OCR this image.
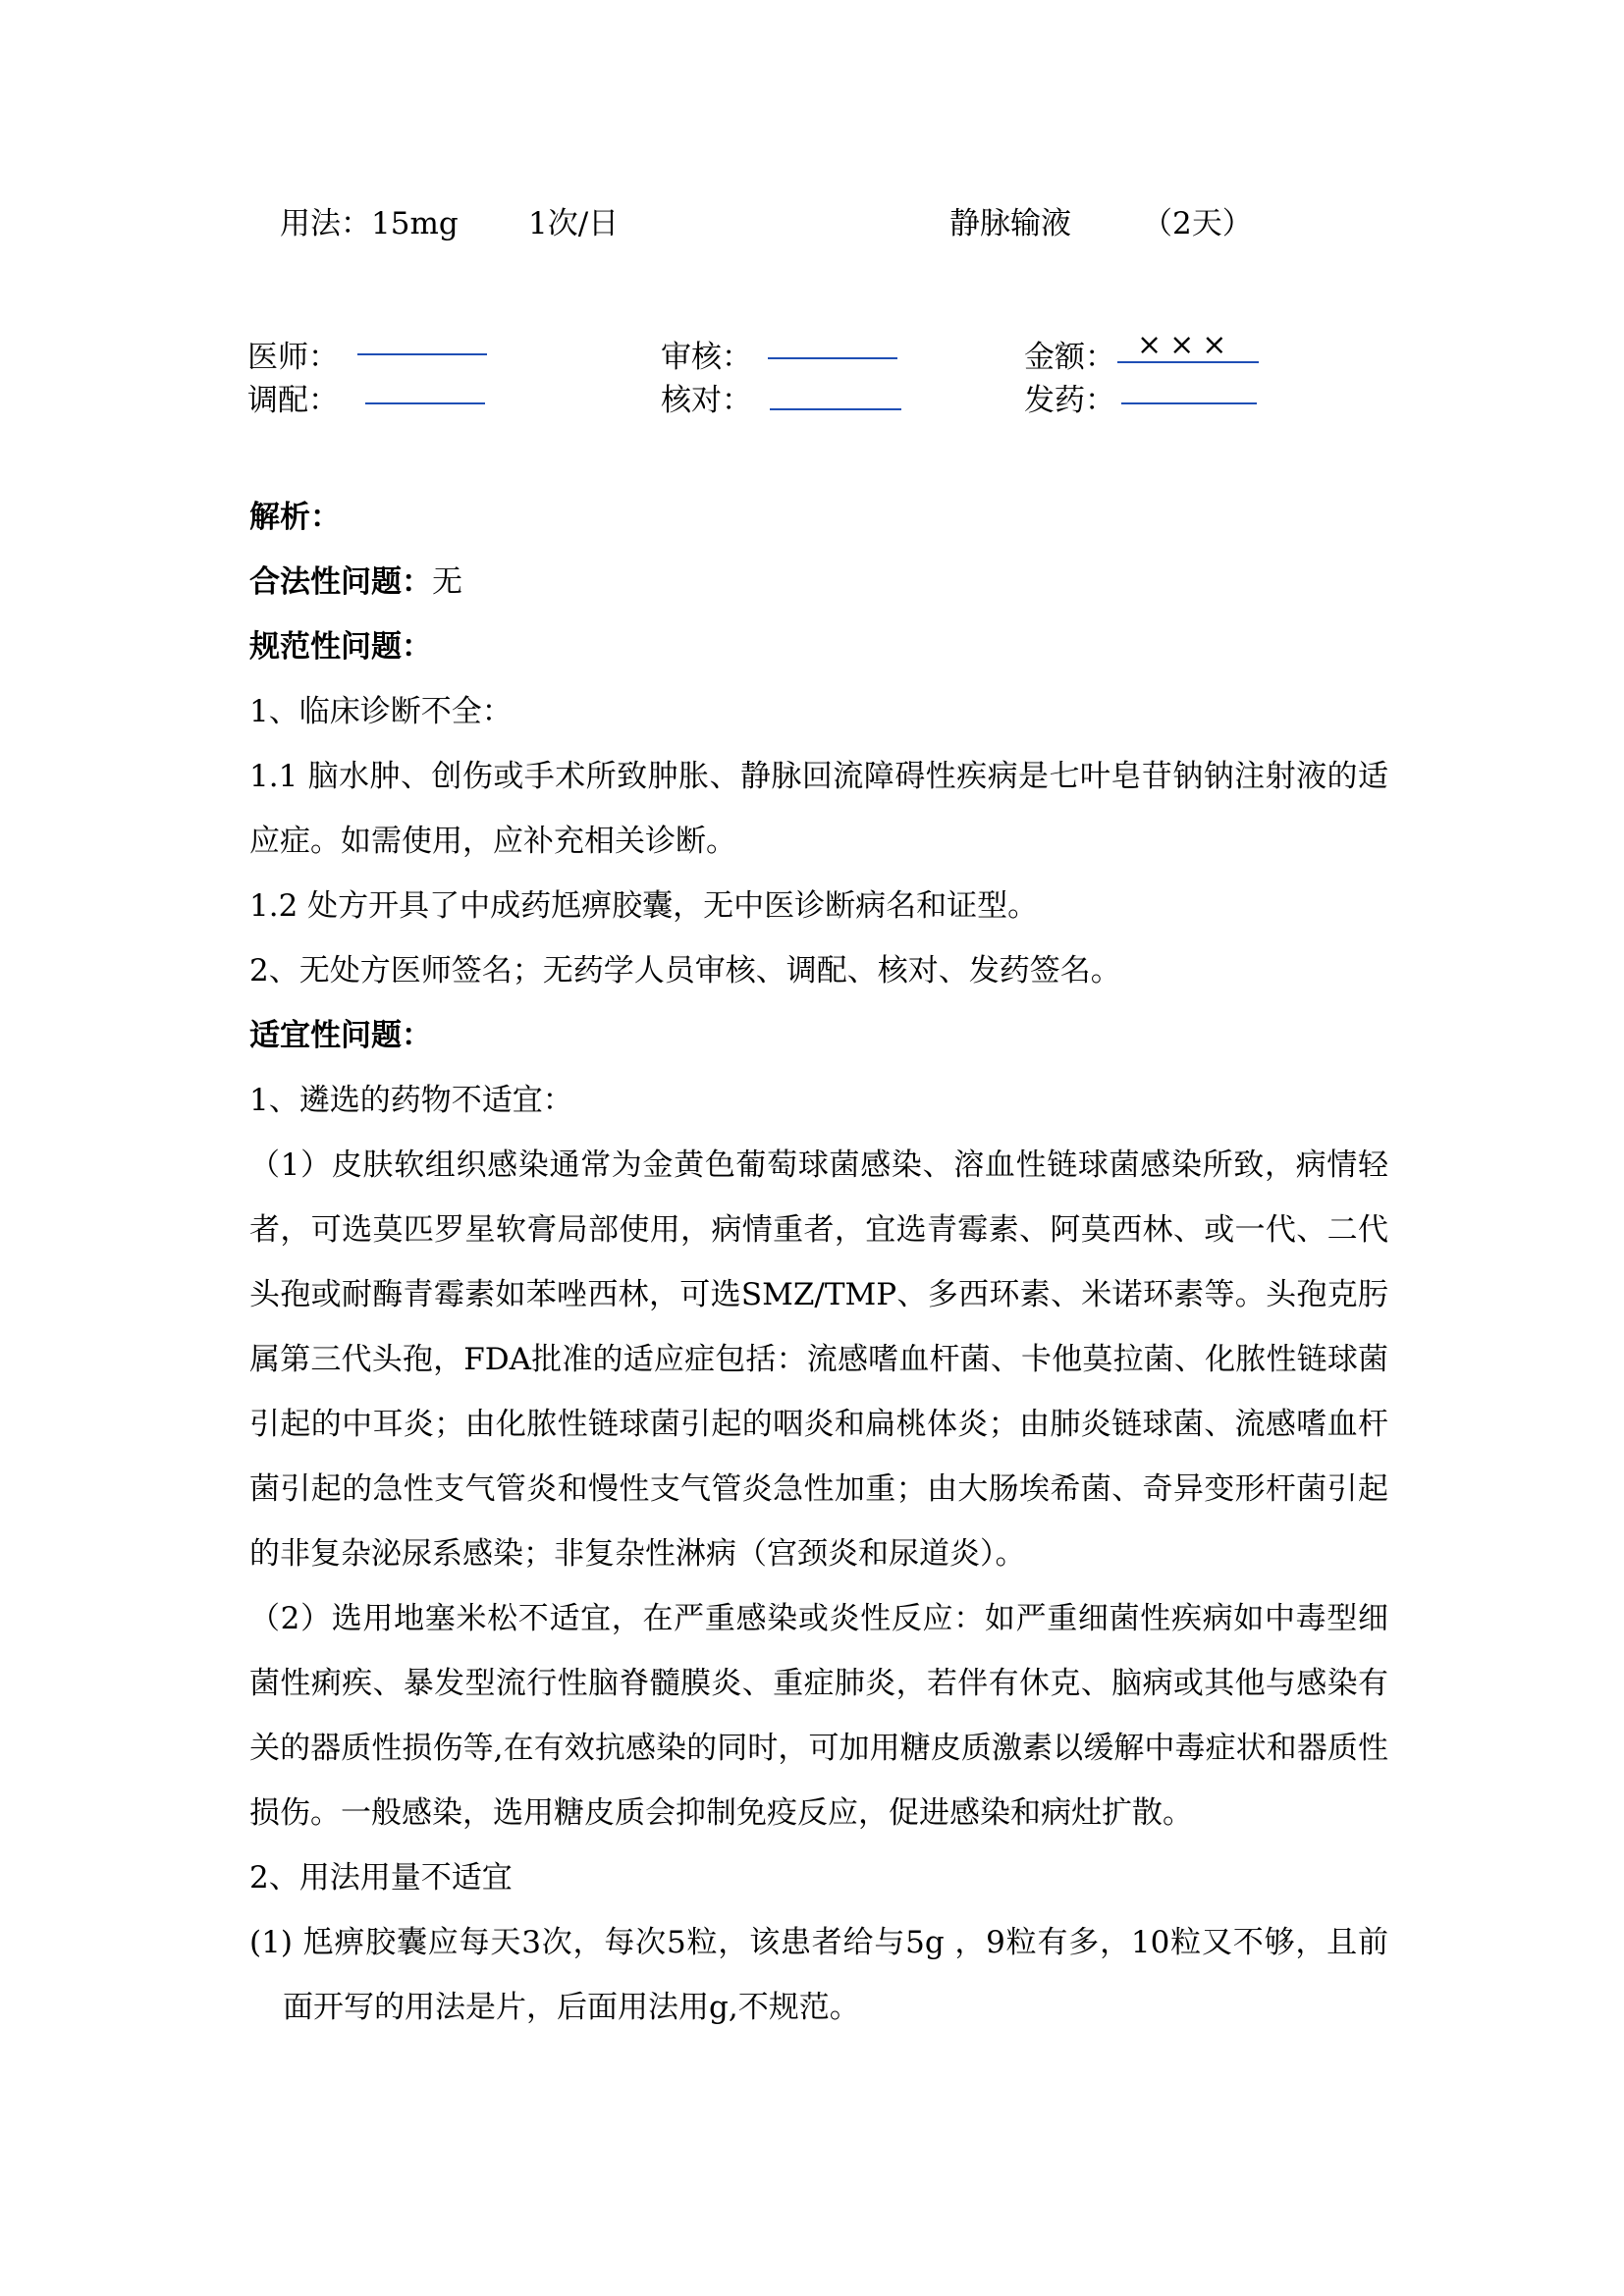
用法：15mg 1次/日	静脉输液 （2天）
医师：	审核：	金额： ×××
调配：	核对：	发药：

解析：

合法性问题：无

规范性问题：

1、临床诊断不全：

1.1 脑水肿、创伤或手术所致肿胀、静脉回流障碍性疾病是七叶皂苷钠钠注射液的适应症。如需使用，应补充相关诊断。

1.2 处方开具了中成药尪痹胶囊，无中医诊断病名和证型。

2、无处方医师签名；无药学人员审核、调配、核对、发药签名。

适宜性问题：

1、遴选的药物不适宜：

（1）皮肤软组织感染通常为金黄色葡萄球菌感染、溶血性链球菌感染所致，病情轻者，可选莫匹罗星软膏局部使用，病情重者，宜选青霉素、阿莫西林、或一代、二代头孢或耐酶青霉素如苯唑西林，可选SMZ/TMP、多西环素、米诺环素等。头孢克肟属第三代头孢，FDA批准的适应症包括：流感嗜血杆菌、卡他莫拉菌、化脓性链球菌引起的中耳炎；由化脓性链球菌引起的咽炎和扁桃体炎；由肺炎链球菌、流感嗜血杆菌引起的急性支气管炎和慢性支气管炎急性加重；由大肠埃希菌、奇异变形杆菌引起的非复杂泌尿系感染；非复杂性淋病（宫颈炎和尿道炎）。

（2）选用地塞米松不适宜，在严重感染或炎性反应：如严重细菌性疾病如中毒型细菌性痢疾、暴发型流行性脑脊髓膜炎、重症肺炎，若伴有休克、脑病或其他与感染有关的器质性损伤等,在有效抗感染的同时，可加用糖皮质激素以缓解中毒症状和器质性损伤。一般感染，选用糖皮质会抑制免疫反应，促进感染和病灶扩散。

2、用法用量不适宜

(1) 尪痹胶囊应每天3次，每次5粒，该患者给与5g ，9粒有多，10粒又不够，且前面开写的用法是片，后面用法用g,不规范。
